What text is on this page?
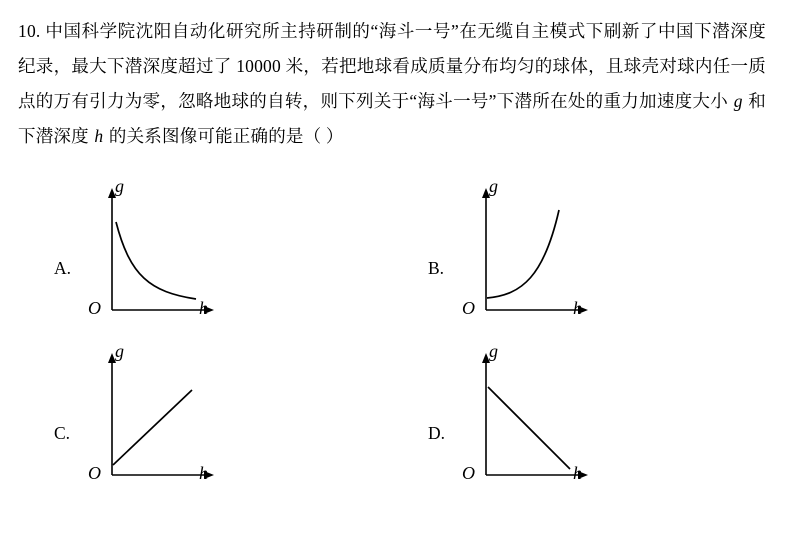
10. 中国科学院沈阳自动化研究所主持研制的“海斗一号”在无缆自主模式下刷新了中国下潜深度纪录，最大下潜深度超过了 10000 米，若把地球看成质量分布均匀的球体，且球壳对球内任一质点的万有引力为零，忽略地球的自转，则下列关于“海斗一号”下潜所在处的重力加速度大小 g 和下潜深度 h 的关系图像可能正确的是（ ）
A.
g
h
O
B.
g
h
O
C.
g
h
O
D.
g
h
O
